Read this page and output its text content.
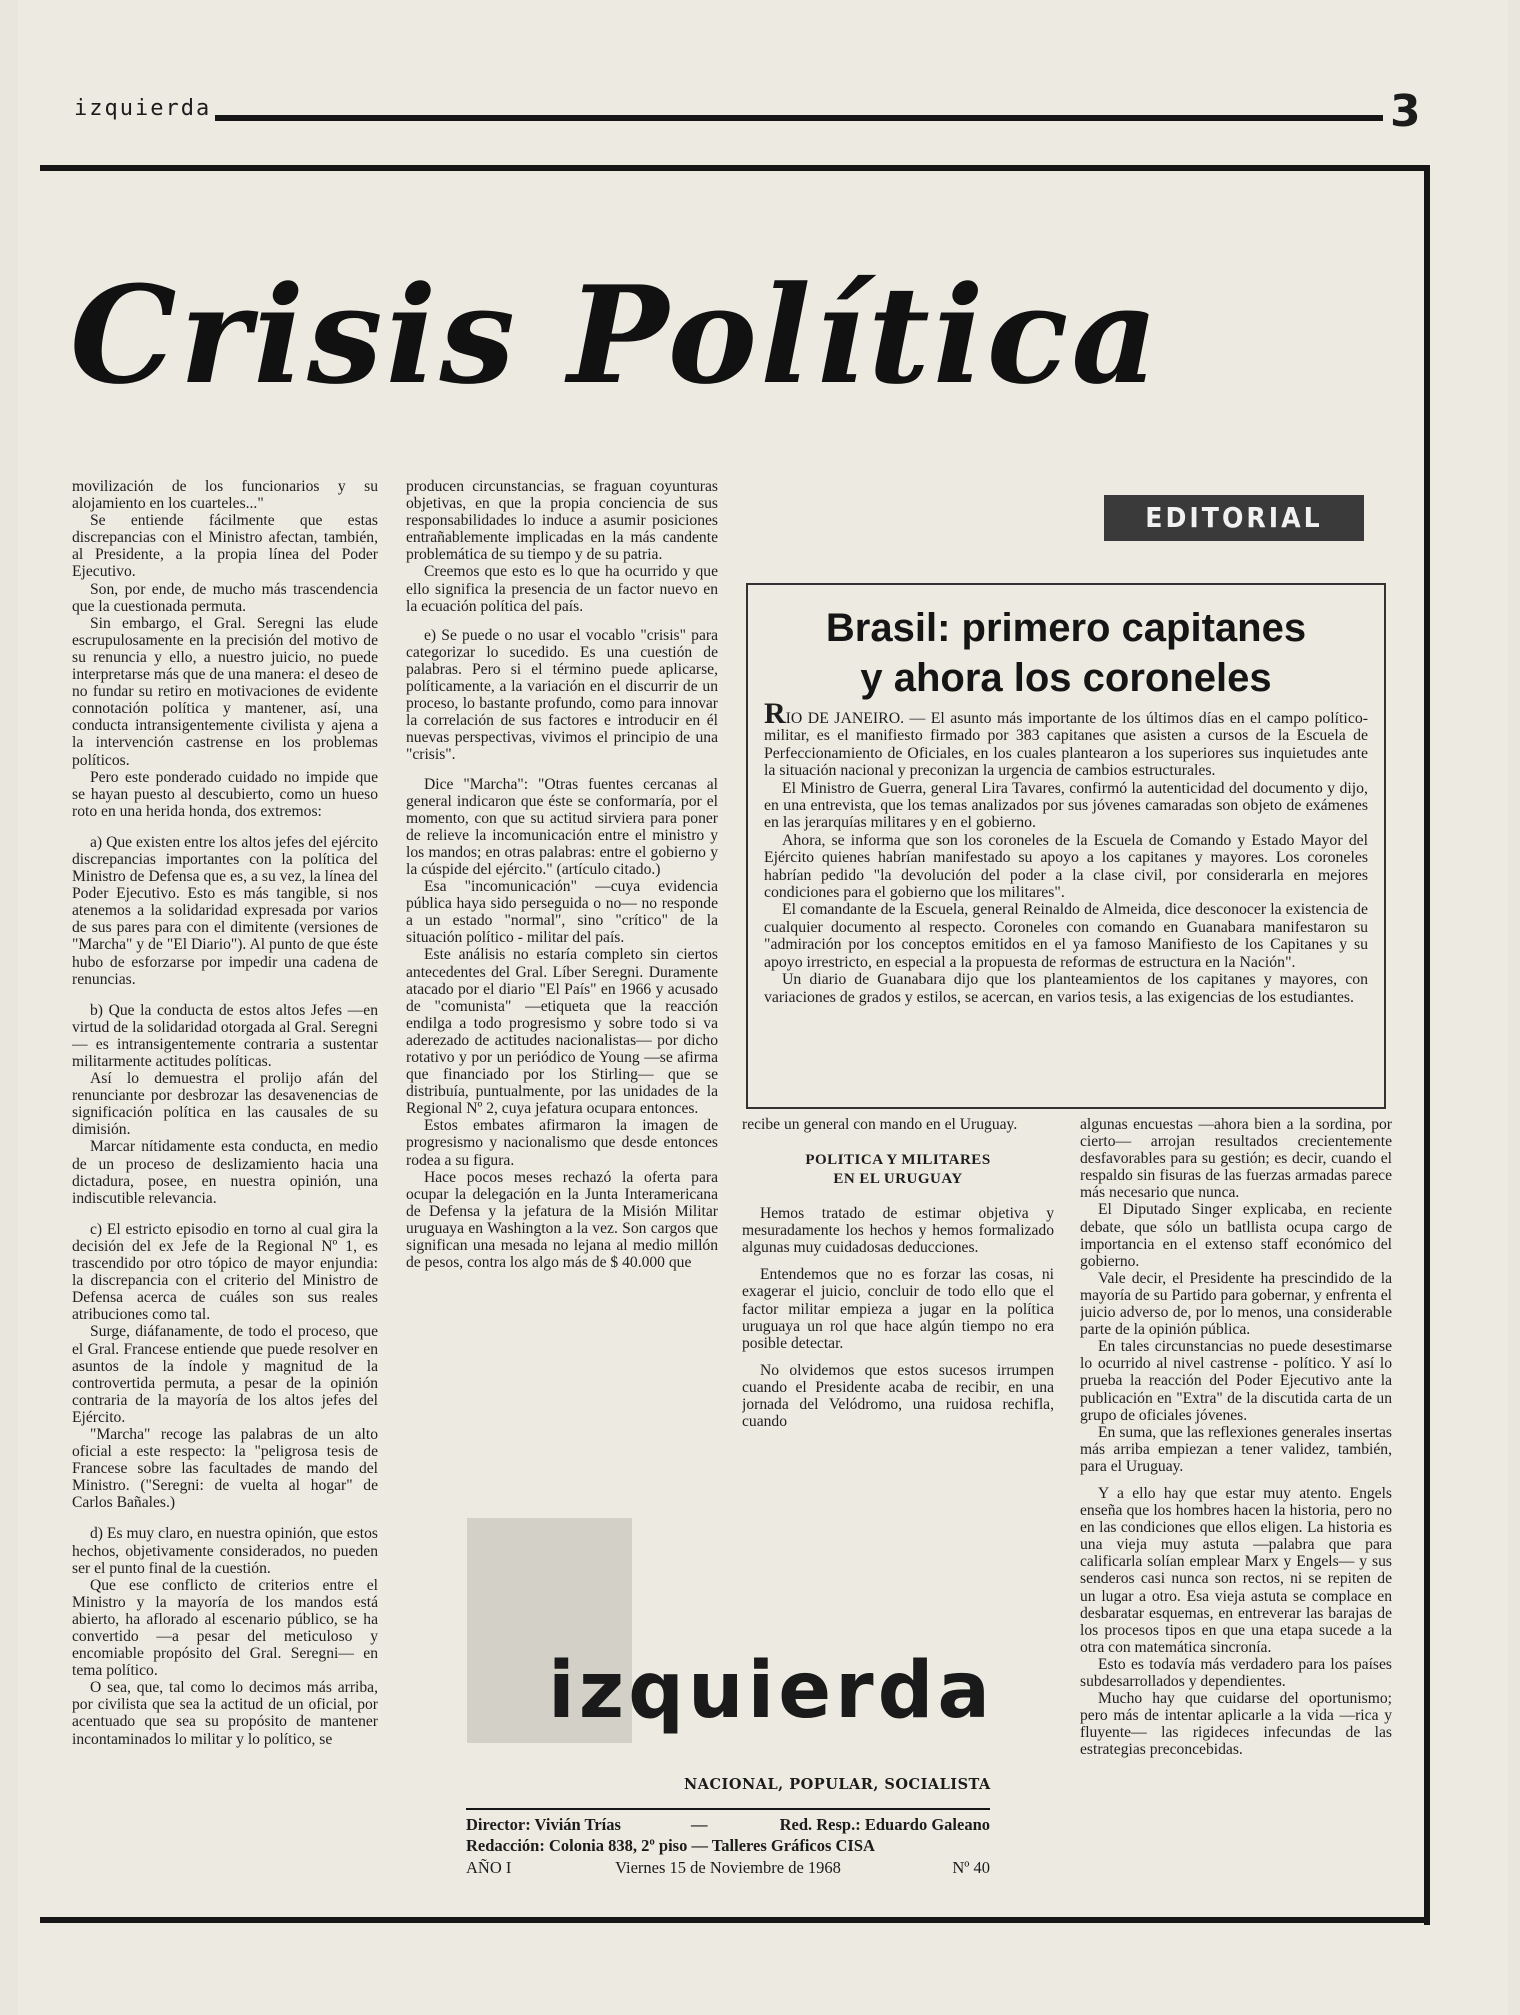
izquierda	3
Crisis Política

movilización de los funcionarios y su alojamiento en los cuarteles..."

Se entiende fácilmente que estas discrepancias con el Ministro afectan, también, al Presidente, a la propia línea del Poder Ejecutivo.

Son, por ende, de mucho más trascendencia que la cuestionada permuta.

Sin embargo, el Gral. Seregni las elude escrupulosamente en la precisión del motivo de su renuncia y ello, a nuestro juicio, no puede interpretarse más que de una manera: el deseo de no fundar su retiro en motivaciones de evidente connotación política y mantener, así, una conducta intransigentemente civilista y ajena a la intervención castrense en los problemas políticos.

Pero este ponderado cuidado no impide que se hayan puesto al descubierto, como un hueso roto en una herida honda, dos extremos:

a) Que existen entre los altos jefes del ejército discrepancias importantes con la política del Ministro de Defensa que es, a su vez, la línea del Poder Ejecutivo. Esto es más tangible, si nos atenemos a la solidaridad expresada por varios de sus pares para con el dimitente (versiones de "Marcha" y de "El Diario"). Al punto de que éste hubo de esforzarse por impedir una cadena de renuncias.

b) Que la conducta de estos altos Jefes —en virtud de la solidaridad otorgada al Gral. Seregni— es intransigentemente contraria a sustentar militarmente actitudes políticas.

Así lo demuestra el prolijo afán del renunciante por desbrozar las desavenencias de significación política en las causales de su dimisión.

Marcar nítidamente esta conducta, en medio de un proceso de deslizamiento hacia una dictadura, posee, en nuestra opinión, una indiscutible relevancia.

c) El estricto episodio en torno al cual gira la decisión del ex Jefe de la Regional Nº 1, es trascendido por otro tópico de mayor enjundia: la discrepancia con el criterio del Ministro de Defensa acerca de cuáles son sus reales atribuciones como tal.

Surge, diáfanamente, de todo el proceso, que el Gral. Francese entiende que puede resolver en asuntos de la índole y magnitud de la controvertida permuta, a pesar de la opinión contraria de la mayoría de los altos jefes del Ejército.

"Marcha" recoge las palabras de un alto oficial a este respecto: la "peligrosa tesis de Francese sobre las facultades de mando del Ministro. ("Seregni: de vuelta al hogar" de Carlos Bañales.)

d) Es muy claro, en nuestra opinión, que estos hechos, objetivamente considerados, no pueden ser el punto final de la cuestión.

Que ese conflicto de criterios entre el Ministro y la mayoría de los mandos está abierto, ha aflorado al escenario público, se ha convertido —a pesar del meticuloso y encomiable propósito del Gral. Seregni— en tema político.

O sea, que, tal como lo decimos más arriba, por civilista que sea la actitud de un oficial, por acentuado que sea su propósito de mantener incontaminados lo militar y lo político, se

producen circunstancias, se fraguan coyunturas objetivas, en que la propia conciencia de sus responsabilidades lo induce a asumir posiciones entrañablemente implicadas en la más candente problemática de su tiempo y de su patria.

Creemos que esto es lo que ha ocurrido y que ello significa la presencia de un factor nuevo en la ecuación política del país.

e) Se puede o no usar el vocablo "crisis" para categorizar lo sucedido. Es una cuestión de palabras. Pero si el término puede aplicarse, políticamente, a la variación en el discurrir de un proceso, lo bastante profundo, como para innovar la correlación de sus factores e introducir en él nuevas perspectivas, vivimos el principio de una "crisis".

Dice "Marcha": "Otras fuentes cercanas al general indicaron que éste se conformaría, por el momento, con que su actitud sirviera para poner de relieve la incomunicación entre el ministro y los mandos; en otras palabras: entre el gobierno y la cúspide del ejército." (artículo citado.)

Esa "incomunicación" —cuya evidencia pública haya sido perseguida o no— no responde a un estado "normal", sino "crítico" de la situación político - militar del país.

Este análisis no estaría completo sin ciertos antecedentes del Gral. Líber Seregni. Duramente atacado por el diario "El País" en 1966 y acusado de "comunista" —etiqueta que la reacción endilga a todo progresismo y sobre todo si va aderezado de actitudes nacionalistas— por dicho rotativo y por un periódico de Young —se afirma que financiado por los Stirling— que se distribuía, puntualmente, por las unidades de la Regional Nº 2, cuya jefatura ocupara entonces.

Estos embates afirmaron la imagen de progresismo y nacionalismo que desde entonces rodea a su figura.

Hace pocos meses rechazó la oferta para ocupar la delegación en la Junta Interamericana de Defensa y la jefatura de la Misión Militar uruguaya en Washington a la vez. Son cargos que significan una mesada no lejana al medio millón de pesos, contra los algo más de $ 40.000 que

EDITORIAL
Brasil: primero capitanes
y ahora los coroneles

RIO DE JANEIRO. — El asunto más importante de los últimos días en el campo político-militar, es el manifiesto firmado por 383 capitanes que asisten a cursos de la Escuela de Perfeccionamiento de Oficiales, en los cuales plantearon a los superiores sus inquietudes ante la situación nacional y preconizan la urgencia de cambios estructurales.

El Ministro de Guerra, general Lira Tavares, confirmó la autenticidad del documento y dijo, en una entrevista, que los temas analizados por sus jóvenes camaradas son objeto de exámenes en las jerarquías militares y en el gobierno.

Ahora, se informa que son los coroneles de la Escuela de Comando y Estado Mayor del Ejército quienes habrían manifestado su apoyo a los capitanes y mayores. Los coroneles habrían pedido "la devolución del poder a la clase civil, por considerarla en mejores condiciones para el gobierno que los militares".

El comandante de la Escuela, general Reinaldo de Almeida, dice desconocer la existencia de cualquier documento al respecto. Coroneles con comando en Guanabara manifestaron su "admiración por los conceptos emitidos en el ya famoso Manifiesto de los Capitanes y su apoyo irrestricto, en especial a la propuesta de reformas de estructura en la Nación".

Un diario de Guanabara dijo que los planteamientos de los capitanes y mayores, con variaciones de grados y estilos, se acercan, en varios tesis, a las exigencias de los estudiantes.

recibe un general con mando en el Uruguay.

POLITICA Y MILITARES
EN EL URUGUAY

Hemos tratado de estimar objetiva y mesuradamente los hechos y hemos formalizado algunas muy cuidadosas deducciones.

Entendemos que no es forzar las cosas, ni exagerar el juicio, concluir de todo ello que el factor militar empieza a jugar en la política uruguaya un rol que hace algún tiempo no era posible detectar.

No olvidemos que estos sucesos irrumpen cuando el Presidente acaba de recibir, en una jornada del Velódromo, una ruidosa rechifla, cuando

algunas encuestas —ahora bien a la sordina, por cierto— arrojan resultados crecientemente desfavorables para su gestión; es decir, cuando el respaldo sin fisuras de las fuerzas armadas parece más necesario que nunca.

El Diputado Singer explicaba, en reciente debate, que sólo un batllista ocupa cargo de importancia en el extenso staff económico del gobierno.

Vale decir, el Presidente ha prescindido de la mayoría de su Partido para gobernar, y enfrenta el juicio adverso de, por lo menos, una considerable parte de la opinión pública.

En tales circunstancias no puede desestimarse lo ocurrido al nivel castrense - político. Y así lo prueba la reacción del Poder Ejecutivo ante la publicación en "Extra" de la discutida carta de un grupo de oficiales jóvenes.

En suma, que las reflexiones generales insertas más arriba empiezan a tener validez, también, para el Uruguay.

Y a ello hay que estar muy atento. Engels enseña que los hombres hacen la historia, pero no en las condiciones que ellos eligen. La historia es una vieja muy astuta —palabra que para calificarla solían emplear Marx y Engels— y sus senderos casi nunca son rectos, ni se repiten de un lugar a otro. Esa vieja astuta se complace en desbaratar esquemas, en entreverar las barajas de los procesos tipos en que una etapa sucede a la otra con matemática sincronía.

Esto es todavía más verdadero para los países subdesarrollados y dependientes.

Mucho hay que cuidarse del oportunismo; pero más de intentar aplicarle a la vida —rica y fluyente— las rigideces infecundas de las estrategias preconcebidas.

izquierda
NACIONAL, POPULAR, SOCIALISTA
Director: Vivián Trías	—	Red. Resp.: Eduardo Galeano
Redacción: Colonia 838, 2º piso — Talleres Gráficos CISA
AÑO I	Viernes 15 de Noviembre de 1968	Nº 40
